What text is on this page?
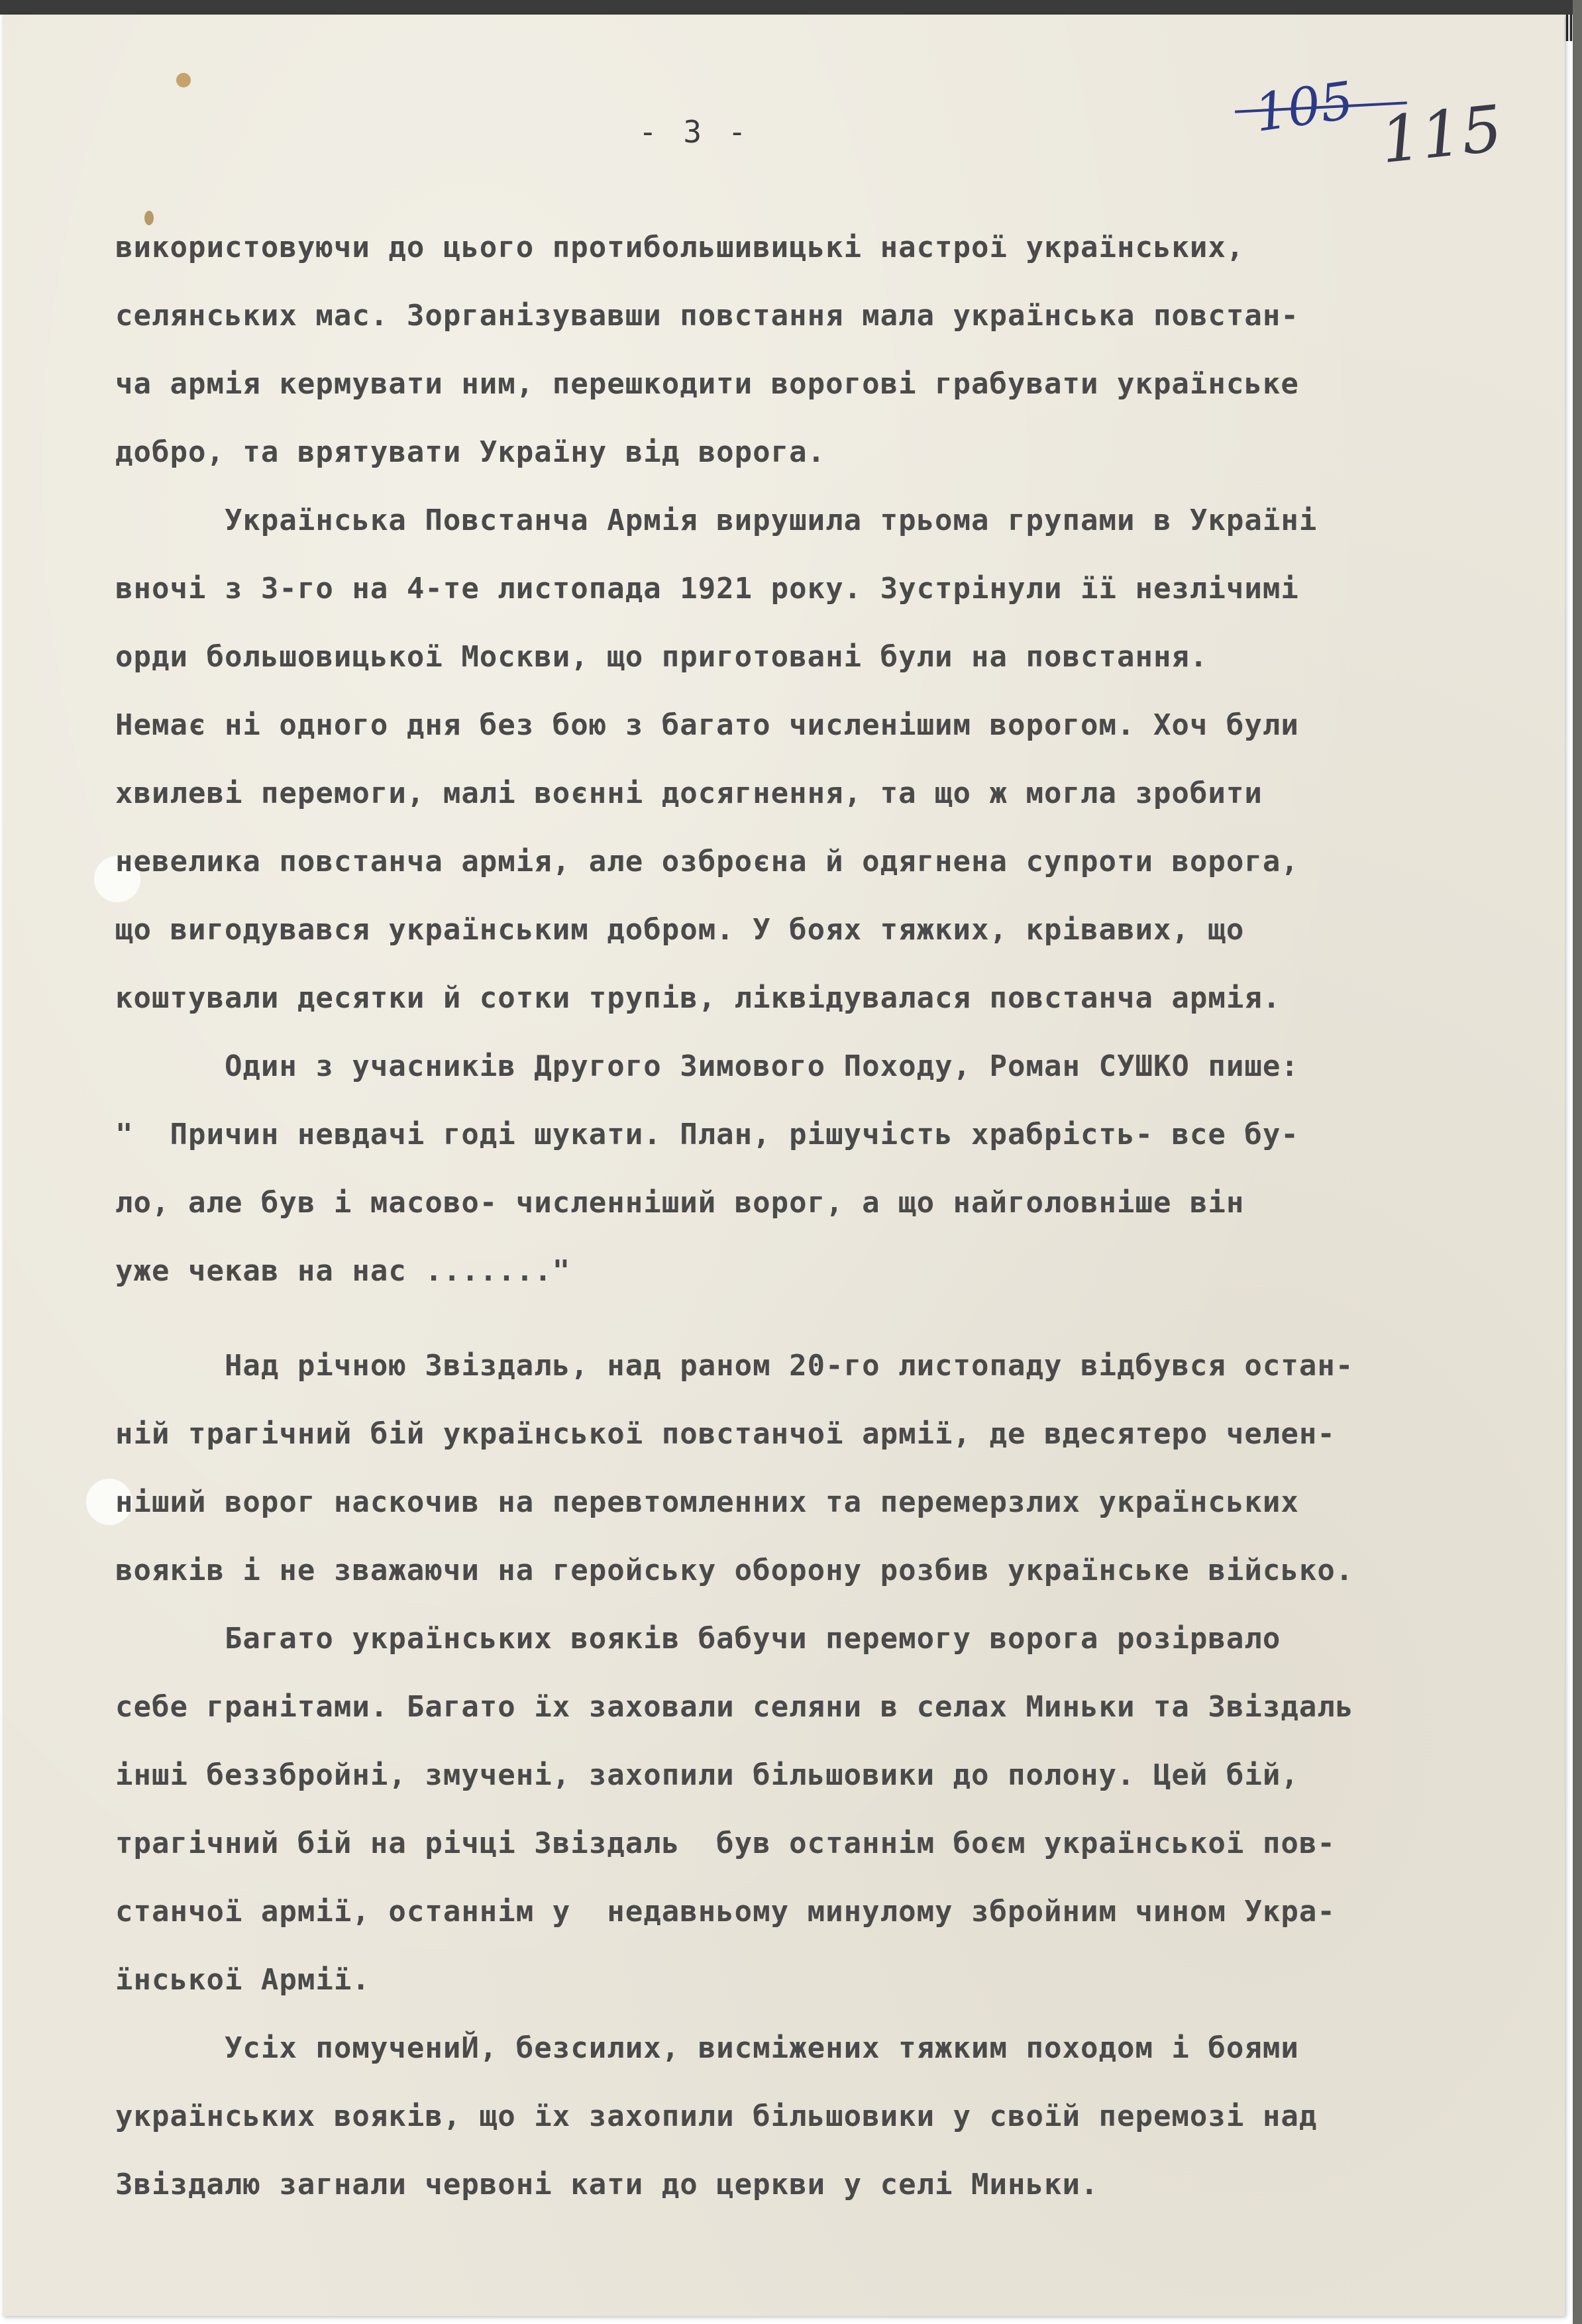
- 3 -	105 115
використовуючи до цього протибольшивицькі настрої українських,
селянських мас. Зорганізувавши повстання мала українська повстан-
ча армія кермувати ним, перешкодити ворогові грабувати українське
добро, та врятувати Україну від ворога.
Українська Повстанча Армія вирушила трьома групами в Україні
вночі з 3-го на 4-те листопада 1921 року. Зустрінули її незлічимі
орди большовицької Москви, що приготовані були на повстання.
Немає ні одного дня без бою з багато численішим ворогом. Хоч були
хвилеві перемоги, малі воєнні досягнення, та що ж могла зробити
невелика повстанча армія, але озброєна й одягнена супроти ворога,
що вигодувався українським добром. У боях тяжких, крівавих, що
коштували десятки й сотки трупів, ліквідувалася повстанча армія.
Один з учасників Другого Зимового Походу, Роман СУШКО пише:
"  Причин невдачі годі шукати. План, рішучість храбрість- все бу-
ло, але був і масово- численніший ворог, а що найголовніше він
уже чекав на нас ......."
Над річною Звіздаль, над раном 20-го листопаду відбувся остан-
ній трагічний бій української повстанчої армії, де вдесятеро челен-
ніший ворог наскочив на перевтомленних та перемерзлих українських
вояків і не зважаючи на геройську оборону розбив українське військо.
Багато українських вояків бабучи перемогу ворога розірвало
себе гранітами. Багато їх заховали селяни в селах Миньки та Звіздаль
інші беззбройні, змучені, захопили більшовики до полону. Цей бій,
трагічний бій на річці Звіздаль  був останнім боєм української пов-
станчої армії, останнім у  недавньому минулому збройним чином Укра-
їнської Армії.
Усіх помучениЙ, безсилих, висміжених тяжким походом і боями
українських вояків, що їх захопили більшовики у своїй перемозі над
Звіздалю загнали червоні кати до церкви у селі Миньки.
